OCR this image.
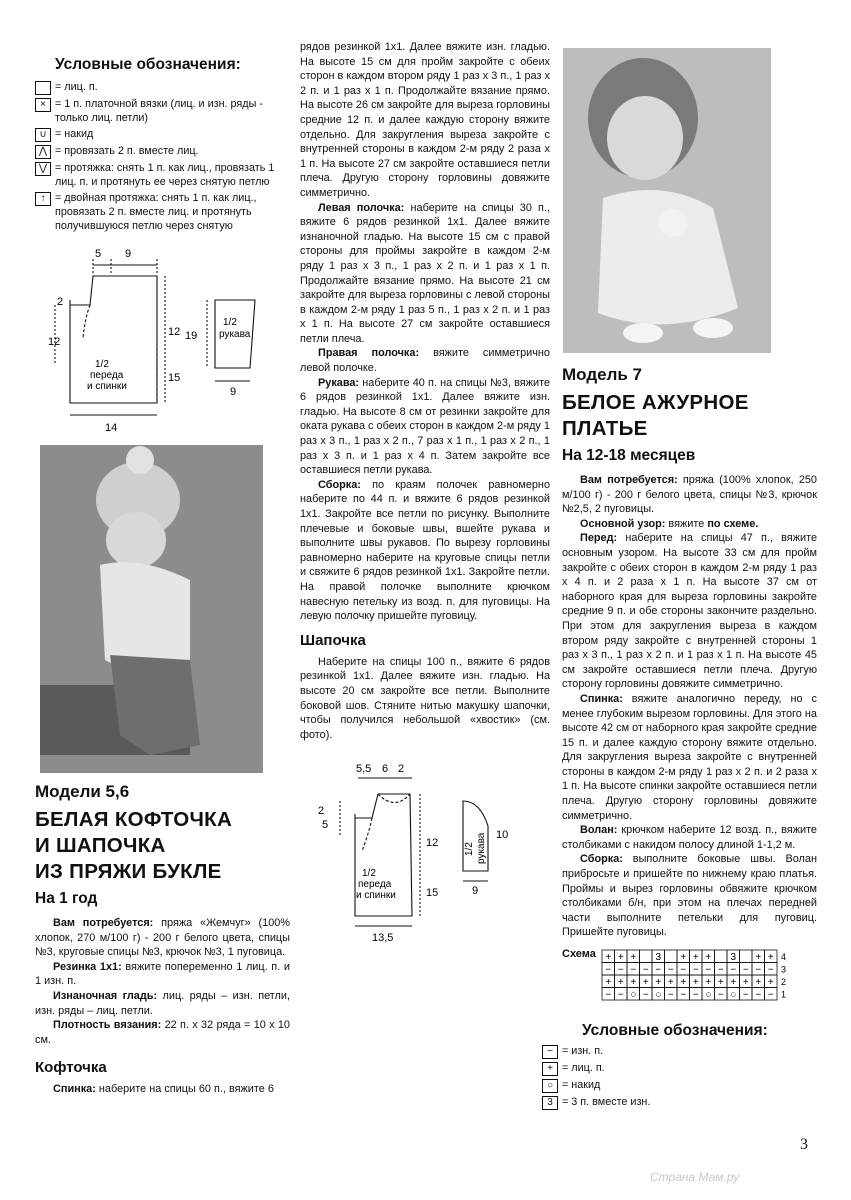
Условные обозначения:
= лиц. п.
× = 1 п. платочной вязки (лиц. и изн. ряды - только лиц. петли)
∪ = накид
⋀ = провязать 2 п. вместе лиц.
⋁ = протяжка: снять 1 п. как лиц., провязать 1 лиц. п. и протянуть ее через снятую петлю
↑ = двойная протяжка: снять 1 п. как лиц., провязать 2 п. вместе лиц. и протянуть получившуюся петлю через снятую
5 9
2
12
12
15
1/2
переда
и спинки
14
19
1/2
рукава
9
Модели 5,6
БЕЛАЯ КОФТОЧКА
И ШАПОЧКА
ИЗ ПРЯЖИ БУКЛЕ
На 1 год

Вам потребуется: пряжа «Жемчуг» (100% хлопок, 270 м/100 г) - 200 г белого цвета, спицы №3, круговые спицы №3, крючок №3, 1 пуговица.

Резинка 1х1: вяжите попеременно 1 лиц. п. и 1 изн. п.

Изнаночная гладь: лиц. ряды – изн. петли, изн. ряды – лиц. петли.

Плотность вязания: 22 п. х 32 ряда = 10 х 10 см.

Кофточка

Спинка: наберите на спицы 60 п., вяжите 6

рядов резинкой 1х1. Далее вяжите изн. гладью. На высоте 15 см для пройм закройте с обеих сторон в каждом втором ряду 1 раз х 3 п., 1 раз х 2 п. и 1 раз х 1 п. Продолжайте вязание прямо. На высоте 26 см закройте для выреза горловины средние 12 п. и далее каждую сторону вяжите отдельно. Для закругления выреза закройте с внутренней стороны в каждом 2-м ряду 2 раза х 1 п. На высоте 27 см закройте оставшиеся петли плеча. Другую сторону горловины довяжите симметрично.

Левая полочка: наберите на спицы 30 п., вяжите 6 рядов резинкой 1х1. Далее вяжите изнаночной гладью. На высоте 15 см с правой стороны для проймы закройте в каждом 2-м ряду 1 раз х 3 п., 1 раз х 2 п. и 1 раз х 1 п. Продолжайте вязание прямо. На высоте 21 см закройте для выреза горловины с левой стороны в каждом 2-м ряду 1 раз 5 п., 1 раз х 2 п. и 1 раз х 1 п. На высоте 27 см закройте оставшиеся петли плеча.

Правая полочка: вяжите симметрично левой полочке.

Рукава: наберите 40 п. на спицы №3, вяжите 6 рядов резинкой 1х1. Далее вяжите изн. гладью. На высоте 8 см от резинки закройте для оката рукава с обеих сторон в каждом 2-м ряду 1 раз х 3 п., 1 раз х 2 п., 7 раз х 1 п., 1 раз х 2 п., 1 раз х 3 п. и 1 раз х 4 п. Затем закройте все оставшиеся петли рукава.

Сборка: по краям полочек равномерно наберите по 44 п. и вяжите 6 рядов резинкой 1х1. Закройте все петли по рисунку. Выполните плечевые и боковые швы, вшейте рукава и выполните швы рукавов. По вырезу горловины равномерно наберите на круговые спицы петли и свяжите 6 рядов резинкой 1х1. Закройте петли. На правой полочке выполните крючком навесную петельку из возд. п. для пуговицы. На левую полочку пришейте пуговицу.

Шапочка

Наберите на спицы 100 п., вяжите 6 рядов резинкой 1х1. Далее вяжите изн. гладью. На высоте 20 см закройте все петли. Выполните боковой шов. Стяните нитью макушку шапочки, чтобы получился небольшой «хвостик» (см. фото).

5,5 6 2
2
5
12
15
1/2
переда
и спинки
13,5
1/2 рукава 10
9
Модель 7
БЕЛОЕ АЖУРНОЕ
ПЛАТЬЕ
На 12-18 месяцев

Вам потребуется: пряжа (100% хлопок, 250 м/100 г) - 200 г белого цвета, спицы №3, крючок №2,5, 2 пуговицы.

Основной узор: вяжите по схеме.

Перед: наберите на спицы 47 п., вяжите основным узором. На высоте 33 см для пройм закройте с обеих сторон в каждом 2-м ряду 1 раз х 4 п. и 2 раза х 1 п. На высоте 37 см от наборного края для выреза горловины закройте средние 9 п. и обе стороны закончите раздельно. При этом для закругления выреза в каждом втором ряду закройте с внутренней стороны 1 раз х 3 п., 1 раз х 2 п. и 1 раз х 1 п. На высоте 45 см закройте оставшиеся петли плеча. Другую сторону горловины довяжите симметрично.

Спинка: вяжите аналогично переду, но с менее глубоким вырезом горловины. Для этого на высоте 42 см от наборного края закройте средние 15 п. и далее каждую сторону вяжите отдельно. Для закругления выреза закройте с внутренней стороны в каждом 2-м ряду 1 раз х 2 п. и 2 раза х 1 п. На высоте спинки закройте оставшиеся петли плеча. Другую сторону горловины довяжите симметрично.

Волан: крючком наберите 12 возд. п., вяжите столбиками с накидом полосу длиной 1-1,2 м.

Сборка: выполните боковые швы. Волан прибросьте и пришейте по нижнему краю платья. Проймы и вырез горловины обвяжите крючком столбиками б/н, при этом на плечах передней части выполните петельки для пуговиц. Пришейте пуговицы.

Схема + + + 3 + + + 3 + + 4
− − − − − − − − − − − − − − 3
+ + + + + + + + + + + + + + 2
− − ○ − ○ − − − ○ − ○ − − − 1
Условные обозначения:
− = изн. п.
+ = лиц. п.
○ = накид
3 = 3 п. вместе изн.
3
Страна Мам.ру
